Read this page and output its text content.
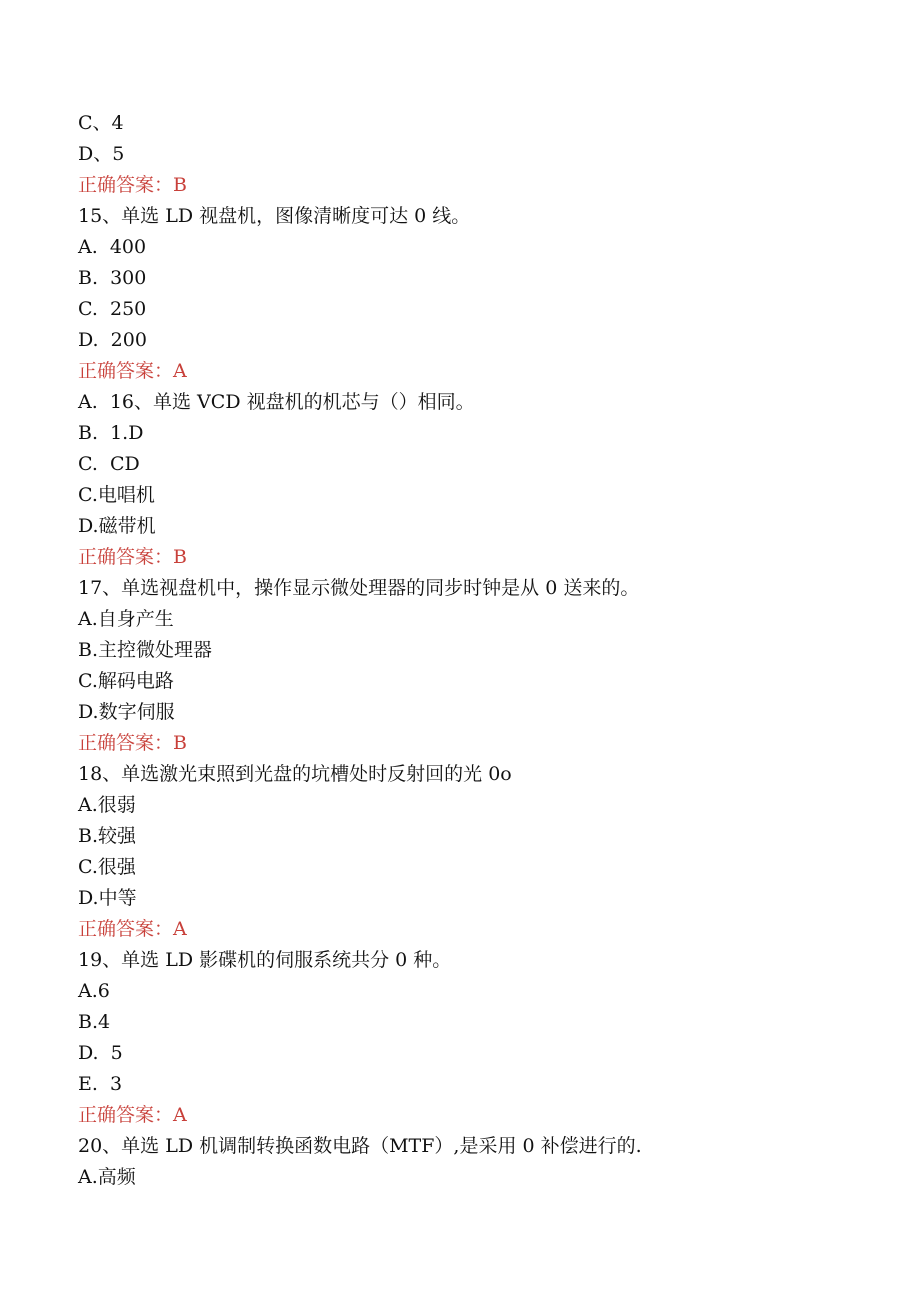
C、4
D、5
正确答案：B
15、单选 LD 视盘机，图像清晰度可达 0 线。
A.  400
B.  300
C.  250
D.  200
正确答案：A
A.  16、单选 VCD 视盘机的机芯与（）相同。
B.  1.D
C.  CD
C.电唱机
D.磁带机
正确答案：B
17、单选视盘机中，操作显示微处理器的同步时钟是从 0 送来的。
A.自身产生
B.主控微处理器
C.解码电路
D.数字伺服
正确答案：B
18、单选激光束照到光盘的坑槽处时反射回的光 0o
A.很弱
B.较强
C.很强
D.中等
正确答案：A
19、单选 LD 影碟机的伺服系统共分 0 种。
A.6
B.4
D.  5
E.  3
正确答案：A
20、单选 LD 机调制转换函数电路（MTF）,是采用 0 补偿进行的.
A.高频
